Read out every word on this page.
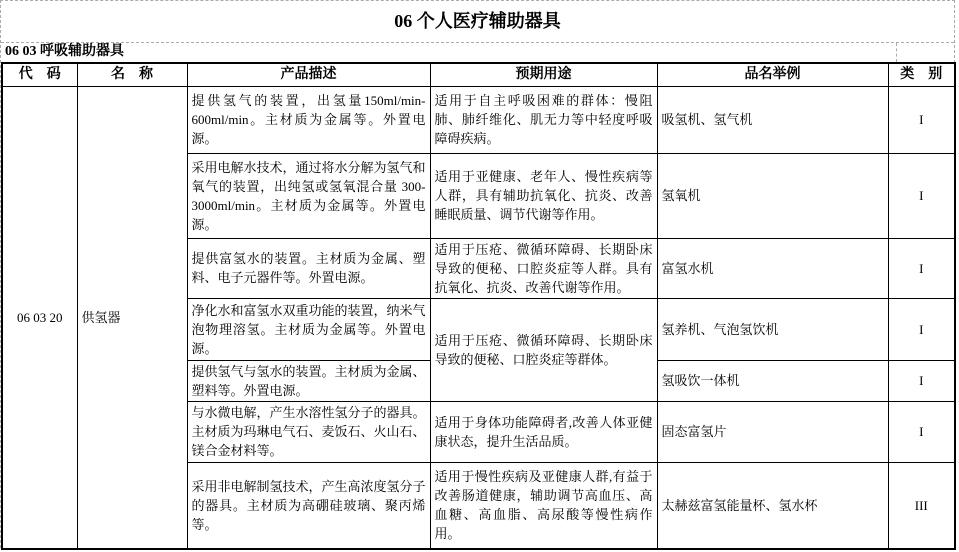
06 个人医疗辅助器具
06 03 呼吸辅助器具
代　码	名　称	产品描述	预期用途	品名举例	类　别
06 03 20	供氢器	提供氢气的装置，出氢量150ml/min-600ml/min。主材质为金属等。外置电源。	适用于自主呼吸困难的群体：慢阻肺、肺纤维化、肌无力等中轻度呼吸障碍疾病。	吸氢机、氢气机	I
		采用电解水技术，通过将水分解为氢气和氧气的装置，出纯氢或氢氧混合量 300-3000ml/min。主材质为金属等。外置电源。	适用于亚健康、老年人、慢性疾病等人群，具有辅助抗氧化、抗炎、改善睡眠质量、调节代谢等作用。	氢氧机	I
		提供富氢水的装置。主材质为金属、塑料、电子元器件等。外置电源。	适用于压疮、微循环障碍、长期卧床导致的便秘、口腔炎症等人群。具有抗氧化、抗炎、改善代谢等作用。	富氢水机	I
		净化水和富氢水双重功能的装置，纳米气泡物理溶氢。主材质为金属等。外置电源。	适用于压疮、微循环障碍、长期卧床导致的便秘、口腔炎症等群体。	氢养机、气泡氢饮机	I
		提供氢气与氢水的装置。主材质为金属、塑料等。外置电源。		氢吸饮一体机	I
		与水微电解，产生水溶性氢分子的器具。主材质为玛琳电气石、麦饭石、火山石、镁合金材料等。	适用于身体功能障碍者,改善人体亚健康状态，提升生活品质。	固态富氢片	I
		采用非电解制氢技术，产生高浓度氢分子的器具。主材质为高硼硅玻璃、聚丙烯等。	适用于慢性疾病及亚健康人群,有益于改善肠道健康，辅助调节高血压、高血糖、高血脂、高尿酸等慢性病作用。	太赫兹富氢能量杯、氢水杯	III
